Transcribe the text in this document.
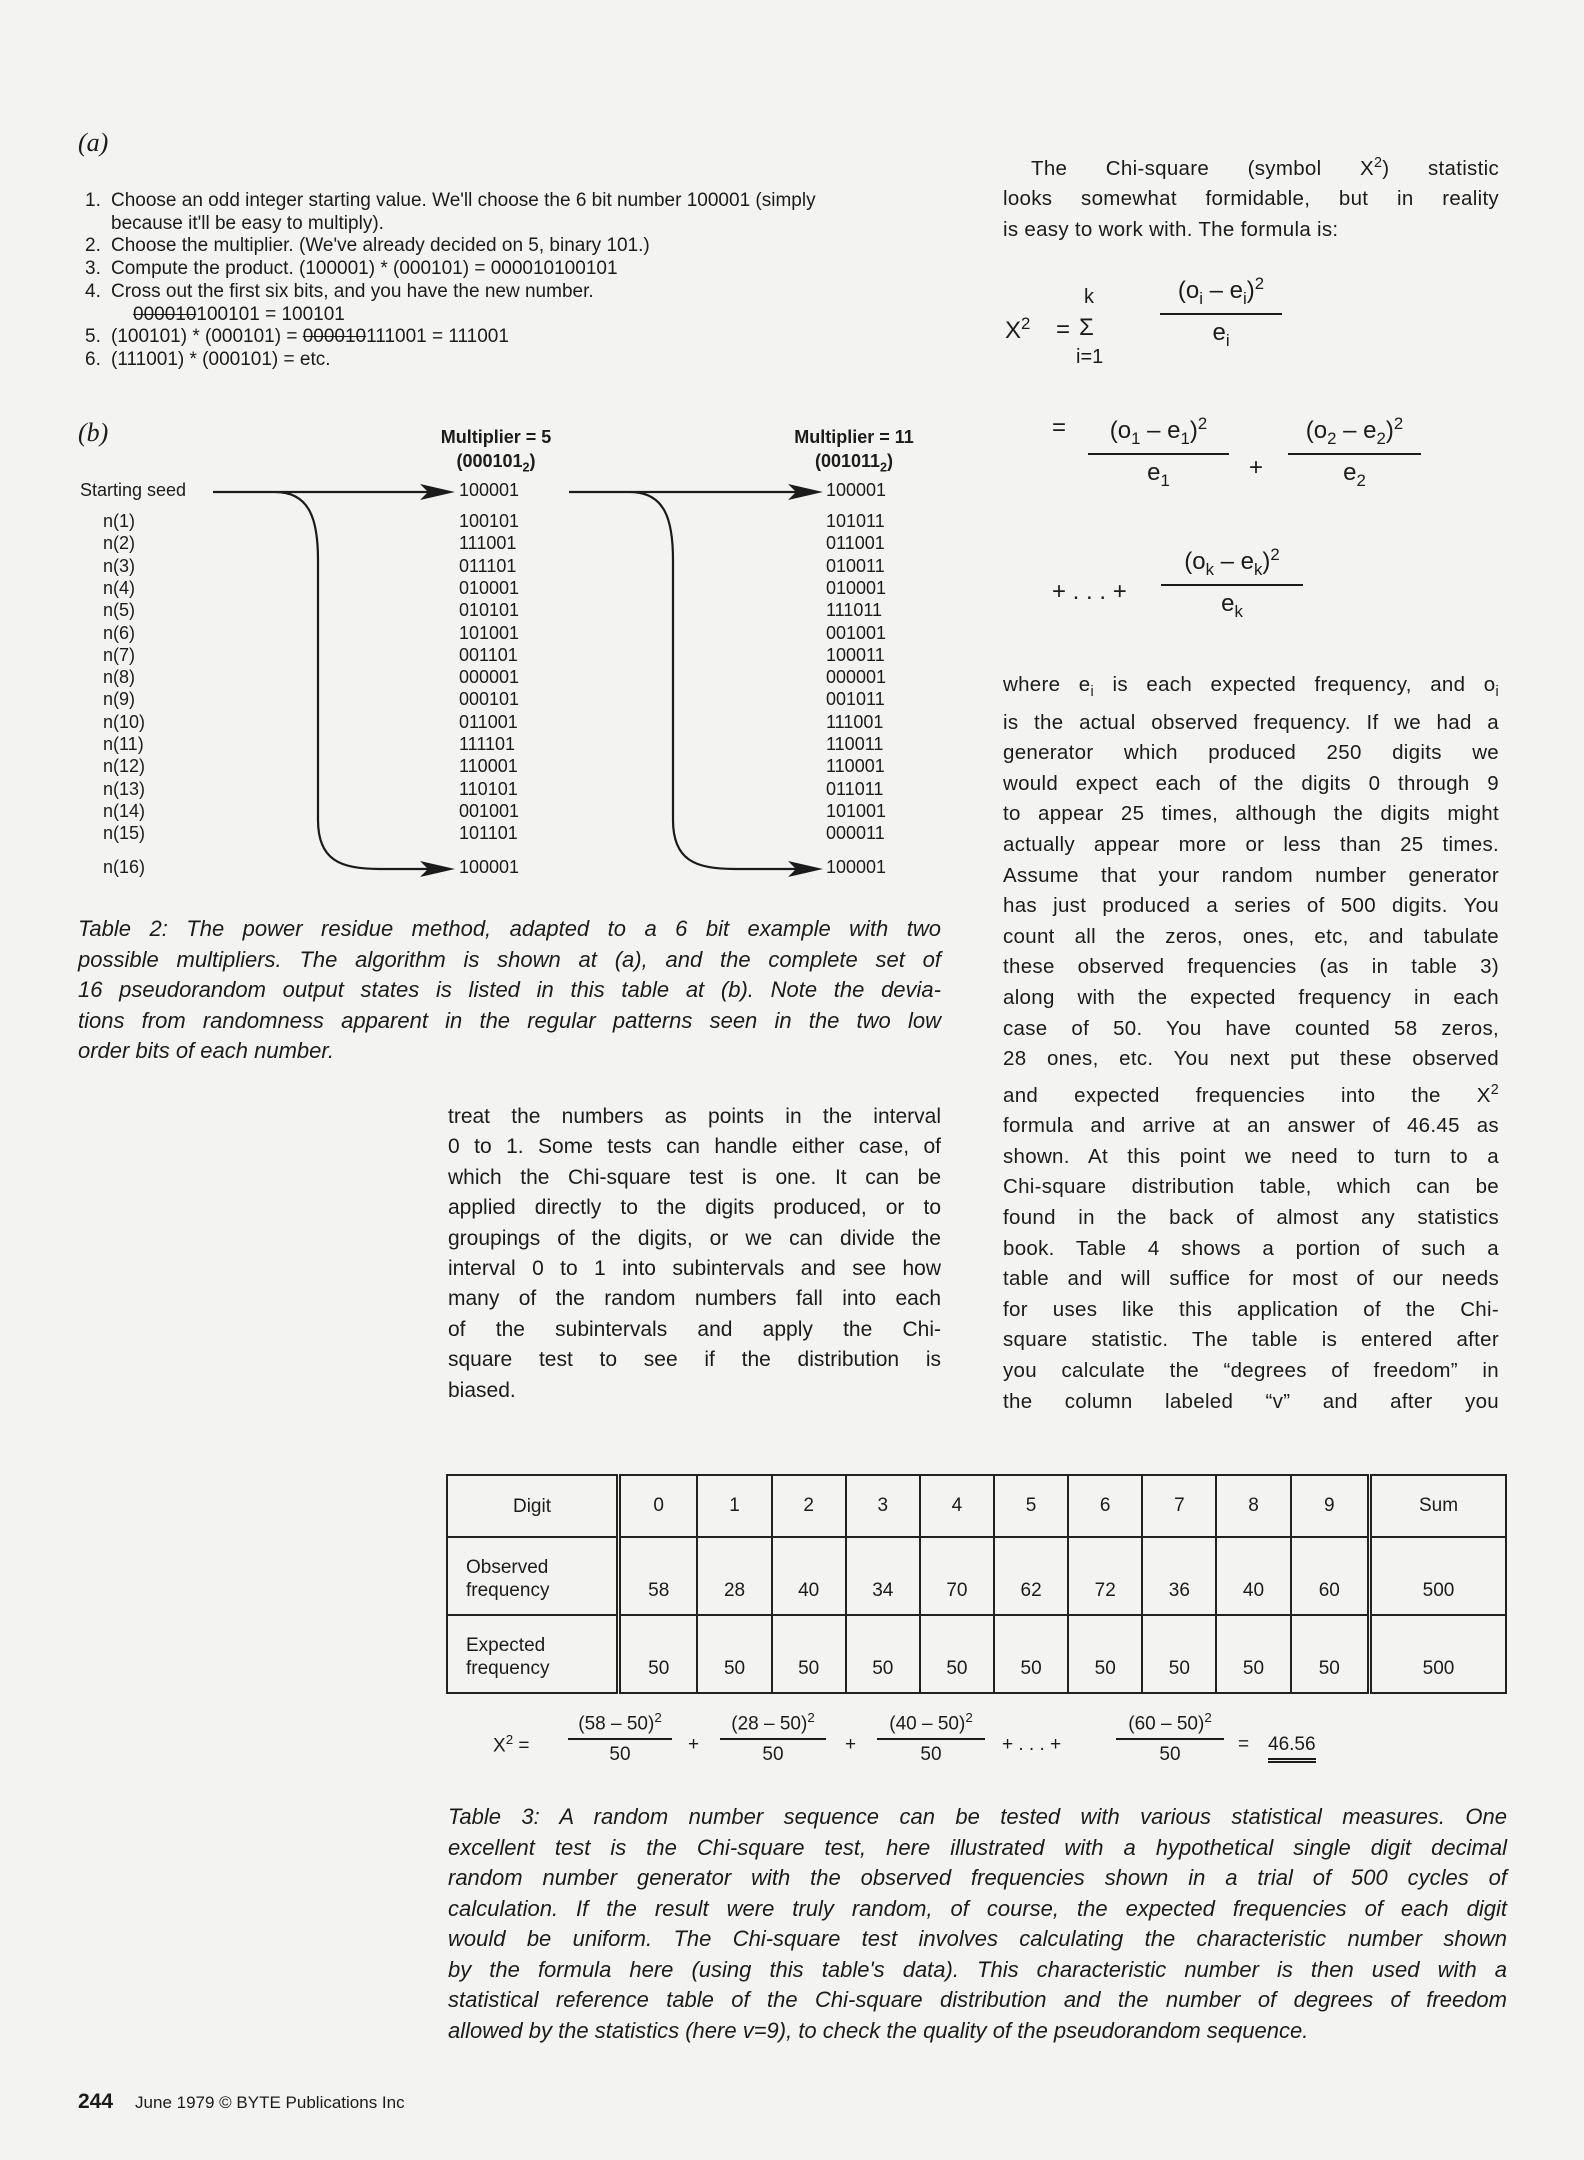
(a)
1. Choose an odd integer starting value. We'll choose the 6 bit number 100001 (simply
because it'll be easy to multiply).
2. Choose the multiplier. (We've already decided on 5, binary 101.)
3. Compute the product. (100001) * (000101) = 000010100101
4. Cross out the first six bits, and you have the new number.
000010100101 = 100101
5. (100101) * (000101) = 000010111001 = 111001
6. (111001) * (000101) = etc.
(b)	Multiplier = 5
$(000101_2)$
Multiplier = 11
$(001011_2)$
Starting seed	100001	100001
n(1)	100101	101011
n(2)	111001	011001
n(3)	011101	010011
n(4)	010001	010001
n(5)	010101	111011
n(6)	101001	001001
n(7)	001101	100011
n(8)	000001	000001
n(9)	000101	001011
n(10)	011001	111001
n(11)	111101	110011
n(12)	110001	110001
n(13)	110101	011011
n(14)	001001	101001
n(15)	101101	000011
n(16)	100001	100001
Table 2: The power residue method, adapted to a 6 bit example with two
possible multipliers. The algorithm is shown at (a), and the complete set of
16 pseudorandom output states is listed in this table at (b). Note the devia-
tions from randomness apparent in the regular patterns seen in the two low
order bits of each number.
treat the numbers as points in the interval
0 to 1. Some tests can handle either case, of
which the Chi-square test is one. It can be
applied directly to the digits produced, or to
groupings of the digits, or we can divide the
interval 0 to 1 into subintervals and see how
many of the random numbers fall into each
of the subintervals and apply the Chi-
square test to see if the distribution is
biased.
The Chi-square (symbol $X^2$) statistic
looks somewhat formidable, but in reality
is easy to work with. The formula is:
$X^2$ =
k
Σ
i=1
$(o_i - e_i)^2$
$e_i$
=	$(o_1 - e_1)^2$
$e_1$	+
$(o_2 - e_2)^2$
$e_2$
+ . . . +
$(o_k - e_k)^2$
$e_k$
where $e_i$ is each expected frequency, and $o_i$
is the actual observed frequency. If we had a
generator which produced 250 digits we
would expect each of the digits 0 through 9
to appear 25 times, although the digits might
actually appear more or less than 25 times.
Assume that your random number generator
has just produced a series of 500 digits. You
count all the zeros, ones, etc, and tabulate
these observed frequencies (as in table 3)
along with the expected frequency in each
case of 50. You have counted 58 zeros,
28 ones, etc. You next put these observed
and expected frequencies into the $X^2$
formula and arrive at an answer of 46.45 as
shown. At this point we need to turn to a
Chi-square distribution table, which can be
found in the back of almost any statistics
book. Table 4 shows a portion of such a
table and will suffice for most of our needs
for uses like this application of the Chi-
square statistic. The table is entered after
you calculate the “degrees of freedom” in
the column labeled “v” and after you
Digit	0	1	2	3	4	5	6	7	8	9	Sum

Observed
frequency	58	28	40	34	70	62	72	36	40	60	500

Expected
frequency	50	50	50	50	50	50	50	50	50	50	500
$X^2$ =
(58 – 50)$^2$
50	+
(28 – 50)$^2$
50	+
(40 – 50)$^2$
50	+ . . . +
(60 – 50)$^2$
50	= 46.56
Table 3: A random number sequence can be tested with various statistical measures. One
excellent test is the Chi-square test, here illustrated with a hypothetical single digit decimal
random number generator with the observed frequencies shown in a trial of 500 cycles of
calculation. If the result were truly random, of course, the expected frequencies of each digit
would be uniform. The Chi-square test involves calculating the characteristic number shown
by the formula here (using this table's data). This characteristic number is then used with a
statistical reference table of the Chi-square distribution and the number of degrees of freedom
allowed by the statistics (here v=9), to check the quality of the pseudorandom sequence.
244 June 1979 © BYTE Publications Inc
